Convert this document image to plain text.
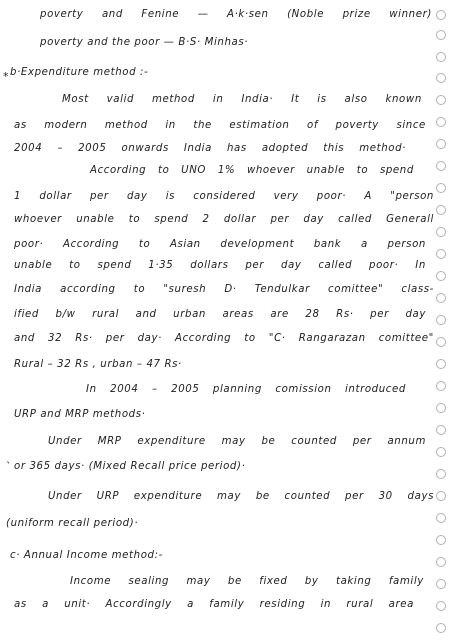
poverty and Fenine — A·k·sen (Noble prize winner)
poverty and the poor — B·S· Minhas·
* b·Expenditure method :-
Most valid method in India· It is also known
as modern method in the estimation of poverty since
2004 – 2005 onwards India has adopted this method·
According to UNO 1% whoever unable to spend
1 dollar per day is considered very poor· A "person
whoever unable to spend 2 dollar per day called Generall
poor· According to Asian development bank a person
unable to spend 1·35 dollars per day called poor· In
India according to "suresh D· Tendulkar comittee" class-
ified b/w rural and urban areas are 28 Rs· per day
and 32 Rs· per day· According to "C· Rangarazan comittee"
Rural – 32 Rs , urban – 47 Rs·
In 2004 – 2005 planning comission introduced
URP and MRP methods·
Under MRP expenditure may be counted per annum
` or 365 days· (Mixed Recall price period)·
Under URP expenditure may be counted per 30 days
(uniform recall period)·
c· Annual Income method:-
Income sealing may be fixed by taking family
as a unit· Accordingly a family residing in rural area
